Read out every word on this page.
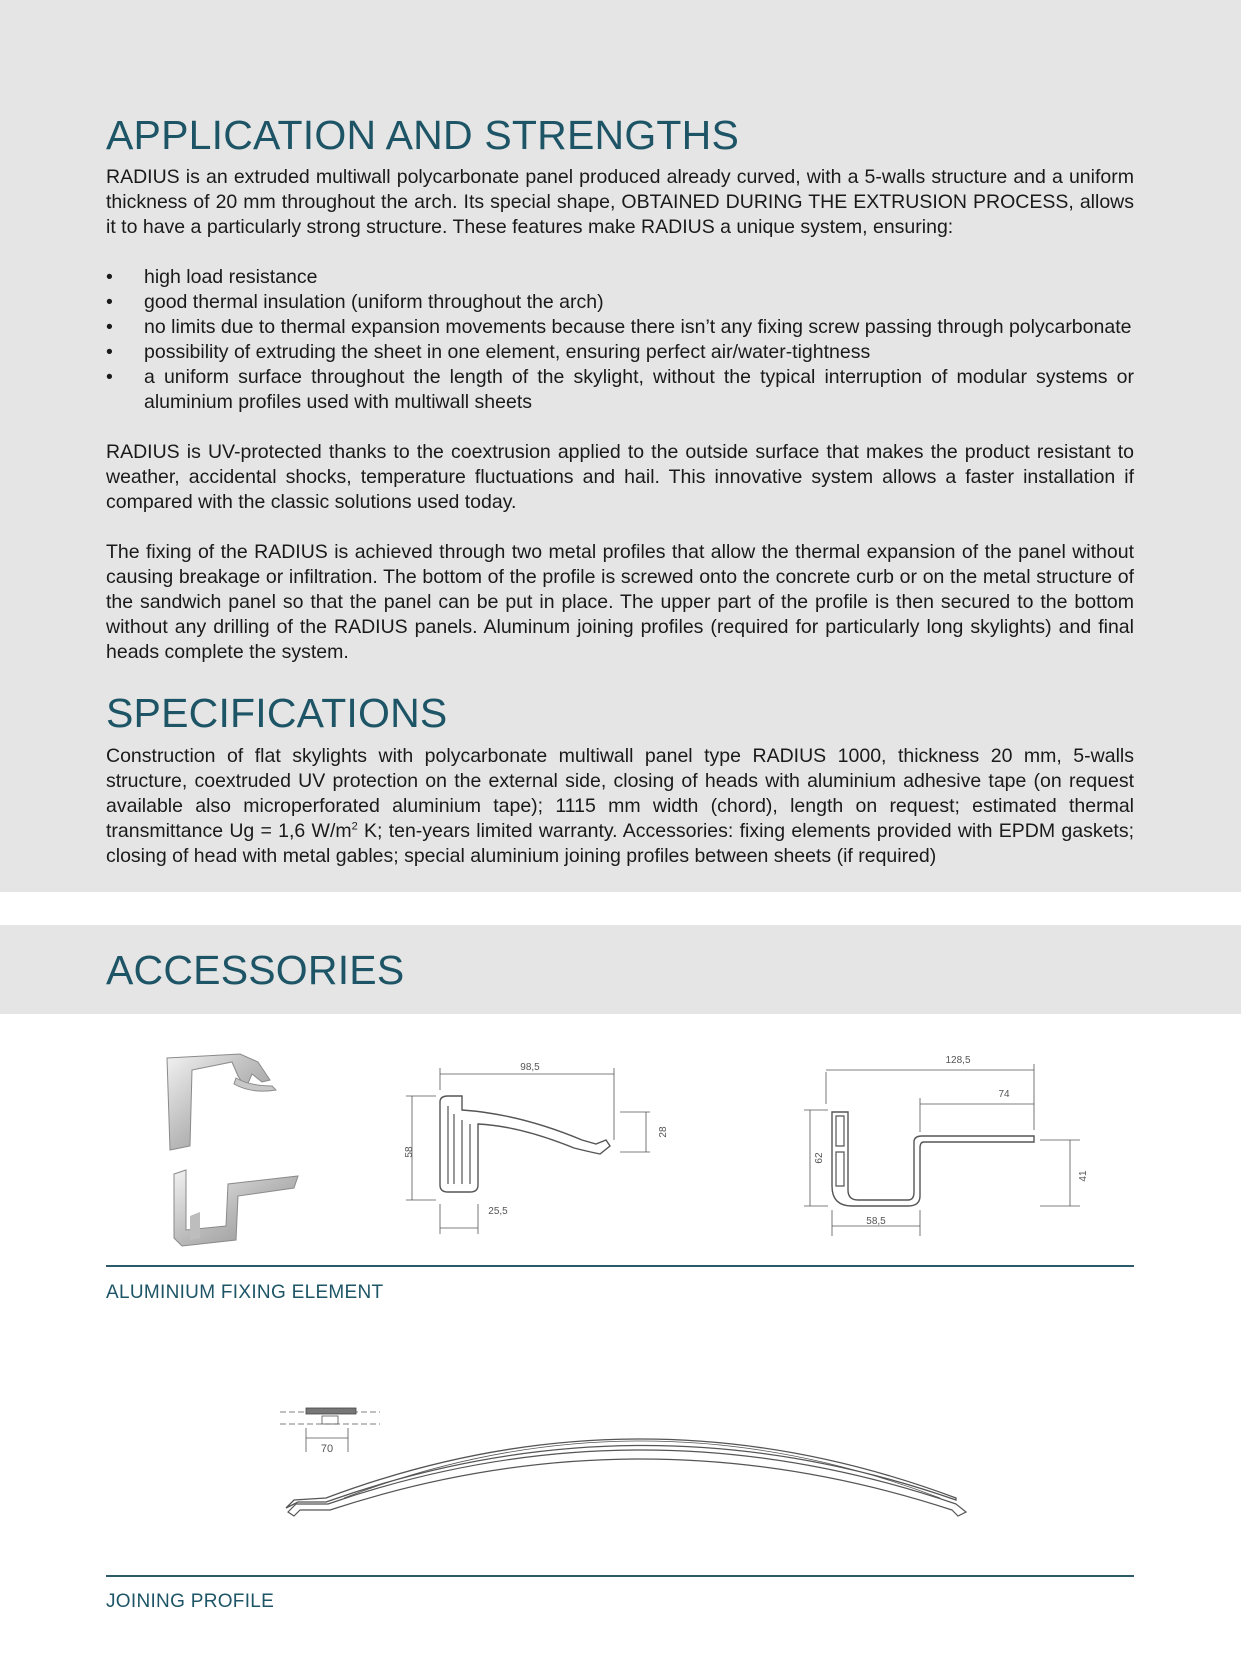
APPLICATION AND STRENGTHS

RADIUS is an extruded multiwall polycarbonate panel produced already curved, with a 5-walls structure and a uniform thickness of 20 mm throughout the arch. Its special shape, OBTAINED DURING THE EXTRUSION PROCESS, allows it to have a particularly strong structure. These features make RADIUS a unique system, ensuring:

• high load resistance
• good thermal insulation (uniform throughout the arch)
• no limits due to thermal expansion movements because there isn’t any fixing screw passing through polycarbonate
• possibility of extruding the sheet in one element, ensuring perfect air/water-tightness
• a uniform surface throughout the length of the skylight, without the typical interruption of modular systems or aluminium profiles used with multiwall sheets

RADIUS is UV-protected thanks to the coextrusion applied to the outside surface that makes the product resistant to weather, accidental shocks, temperature fluctuations and hail. This innovative system allows a faster installation if compared with the classic solutions used today.

The fixing of the RADIUS is achieved through two metal profiles that allow the thermal expansion of the panel without causing breakage or infiltration. The bottom of the profile is screwed onto the concrete curb or on the metal structure of the sandwich panel so that the panel can be put in place. The upper part of the profile is then secured to the bottom without any drilling of the RADIUS panels. Aluminum joining profiles (required for particularly long skylights) and final heads complete the system.

SPECIFICATIONS

Construction of flat skylights with polycarbonate multiwall panel type RADIUS 1000, thickness 20 mm, 5-walls structure, coextruded UV protection on the external side, closing of heads with aluminium adhesive tape (on request available also microperforated aluminium tape); 1115 mm width (chord), length on request; estimated thermal transmittance Ug = 1,6 $W/m^2$ K; ten-years limited warranty. Accessories: fixing elements provided with EPDM gaskets; closing of head with metal gables; special aluminium joining profiles between sheets (if required)

ACCESSORIES
98,5
58
28
25,5
128,5
74
62
41
58,5
ALUMINIUM FIXING ELEMENT
70
JOINING PROFILE
